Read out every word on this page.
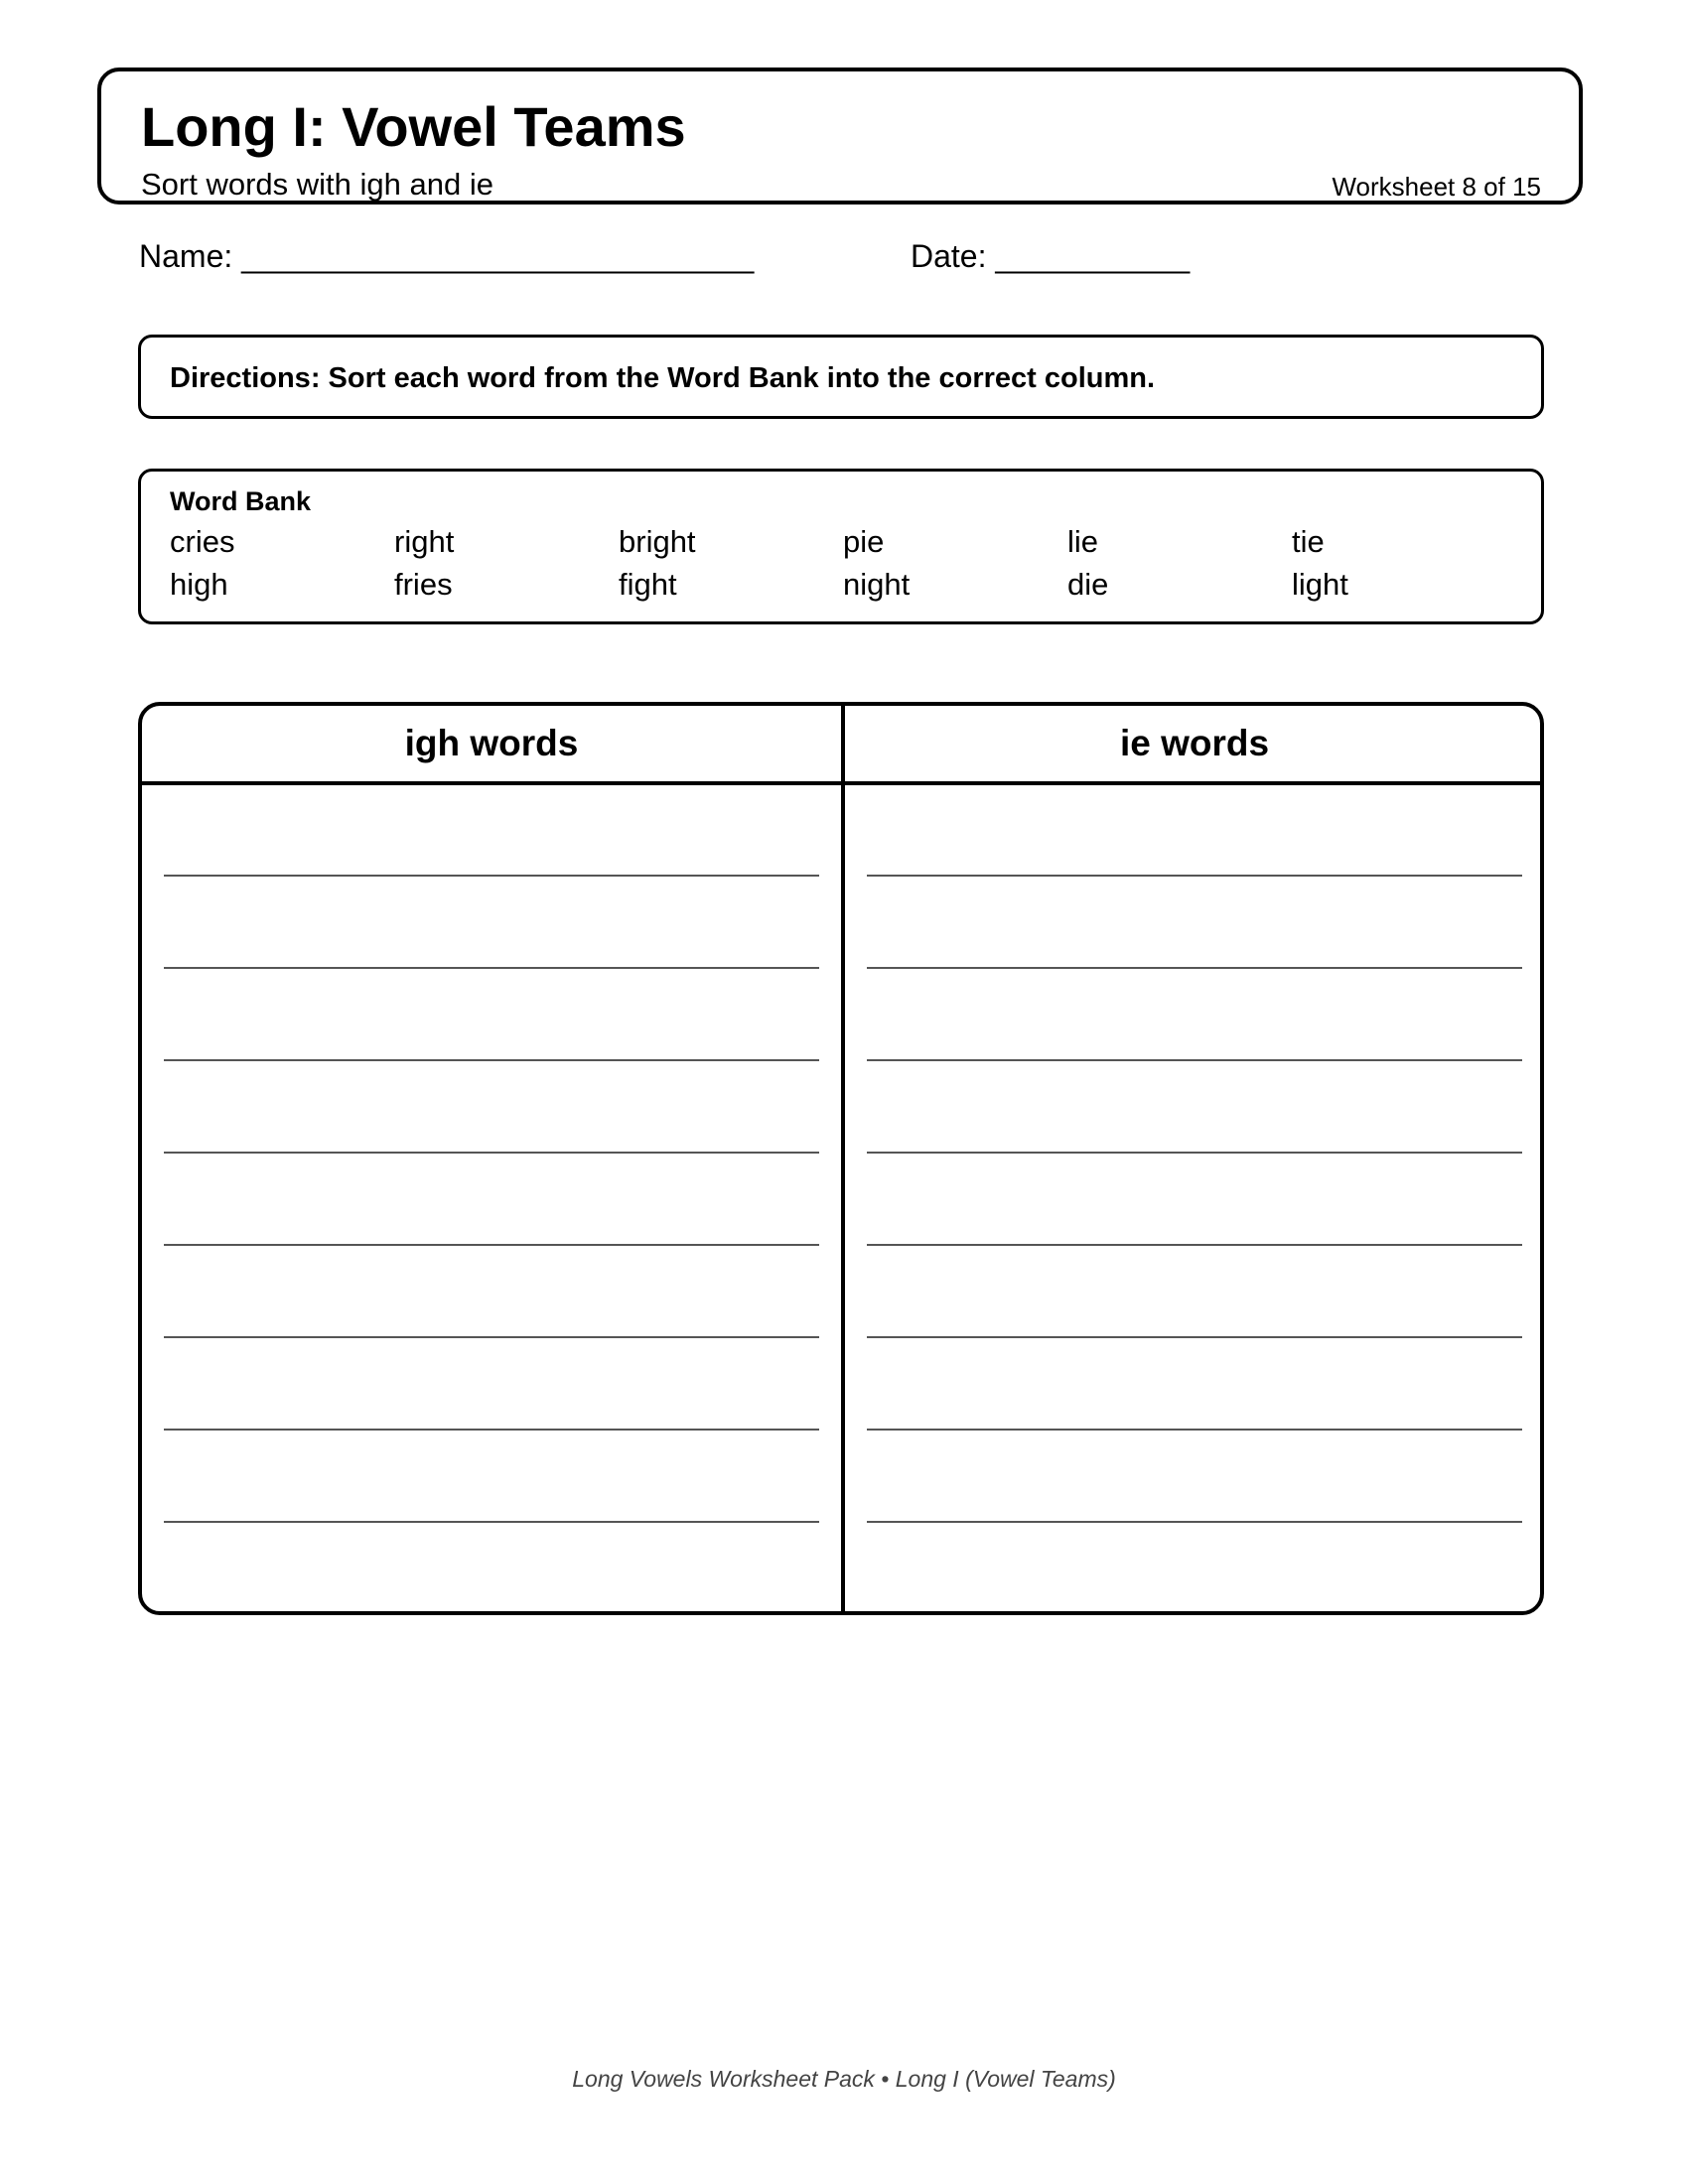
Long I: Vowel Teams
Sort words with igh and ie	Worksheet 8 of 15
Name: _____________________________	Date: ___________
Directions: Sort each word from the Word Bank into the correct column.
Word Bank
cries	right	bright	pie	lie	tie
high	fries	fight	night	die	light
igh words	ie words
Long Vowels Worksheet Pack • Long I (Vowel Teams)
